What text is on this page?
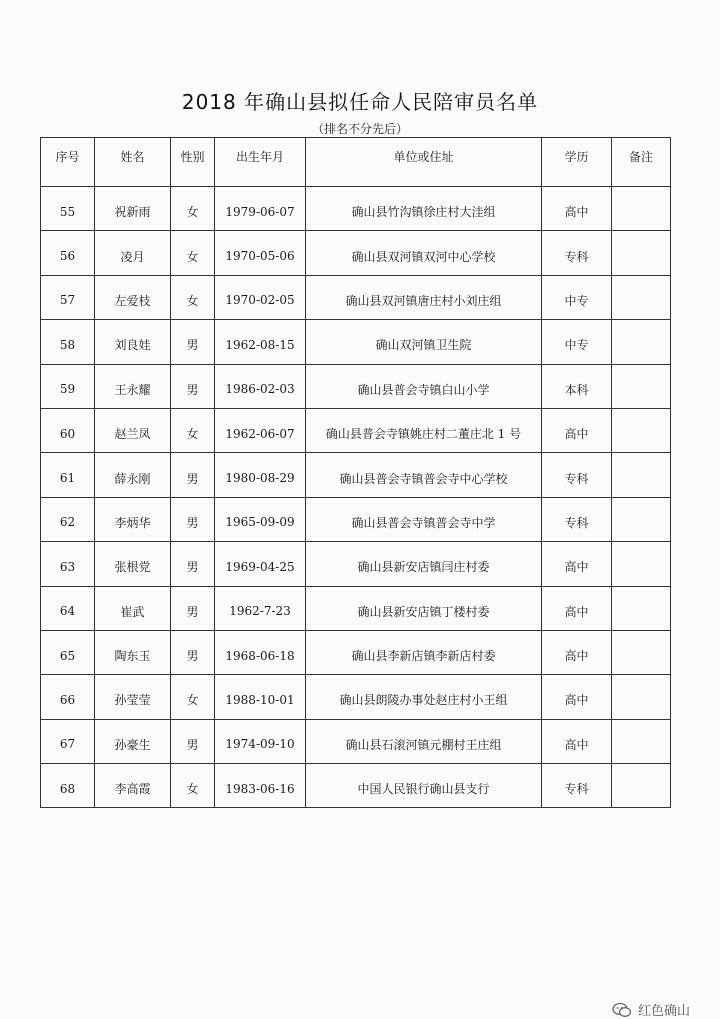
2018 年确山县拟任命人民陪审员名单
（排名不分先后）
序号	姓名	性别	出生年月	单位或住址	学历	备注
55	祝新雨	女	1979-06-07	确山县竹沟镇徐庄村大洼组	高中	
56	凌月	女	1970-05-06	确山县双河镇双河中心学校	专科	
57	左爱枝	女	1970-02-05	确山县双河镇唐庄村小刘庄组	中专	
58	刘良娃	男	1962-08-15	确山双河镇卫生院	中专	
59	王永耀	男	1986-02-03	确山县普会寺镇白山小学	本科	
60	赵兰凤	女	1962-06-07	确山县普会寺镇姚庄村二董庄北 1 号	高中	
61	薛永刚	男	1980-08-29	确山县普会寺镇普会寺中心学校	专科	
62	李炳华	男	1965-09-09	确山县普会寺镇普会寺中学	专科	
63	张根党	男	1969-04-25	确山县新安店镇闫庄村委	高中	
64	崔武	男	1962-7-23	确山县新安店镇丁楼村委	高中	
65	陶东玉	男	1968-06-18	确山县李新店镇李新店村委	高中	
66	孙莹莹	女	1988-10-01	确山县朗陵办事处赵庄村小王组	高中	
67	孙豪生	男	1974-09-10	确山县石滚河镇元棚村王庄组	高中	
68	李高霞	女	1983-06-16	中国人民银行确山县支行	专科	
红色确山
